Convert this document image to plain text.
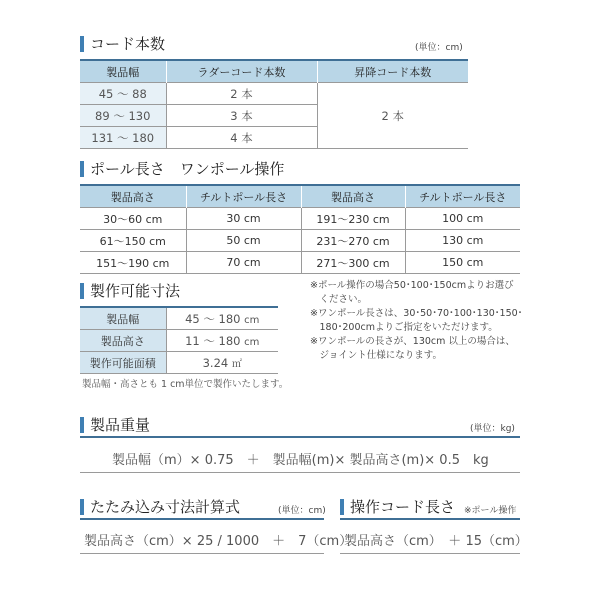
コード本数	(単位：cm)
製品幅	ラダーコード本数	昇降コード本数
45 ～ 88	2 本	2 本
89 ～ 130	3 本	
131 ～ 180	4 本	
ポール長さ　ワンポール操作
製品高さ	チルトポール長さ	製品高さ	チルトポール長さ
30～60 cm	30 cm	191～230 cm	100 cm
61～150 cm	50 cm	231～270 cm	130 cm
151～190 cm	70 cm	271～300 cm	150 cm
製作可能寸法
製品幅	45 ～ 180 cm
製品高さ	11 ～ 180 cm
製作可能面積	3.24 ㎡
製品幅・高さとも 1 cm単位で製作いたします。
※ポール操作の場合50･100･150cmよりお選び
　ください。
※ワンポール長さは、30･50･70･100･130･150･
　180･200cmよりご指定をいただけます。
※ワンポールの長さが、130cm 以上の場合は、
　ジョイント仕様になります。
製品重量	(単位：kg)
製品幅（m）× 0.75　＋　製品幅(m)× 製品高さ(m)× 0.5　kg
たたみ込み寸法計算式	(単位：cm)
製品高さ（cm）× 25 / 1000　＋　7（cm）
操作コード長さ ※ポール操作
製品高さ（cm）　＋ 15（cm）
